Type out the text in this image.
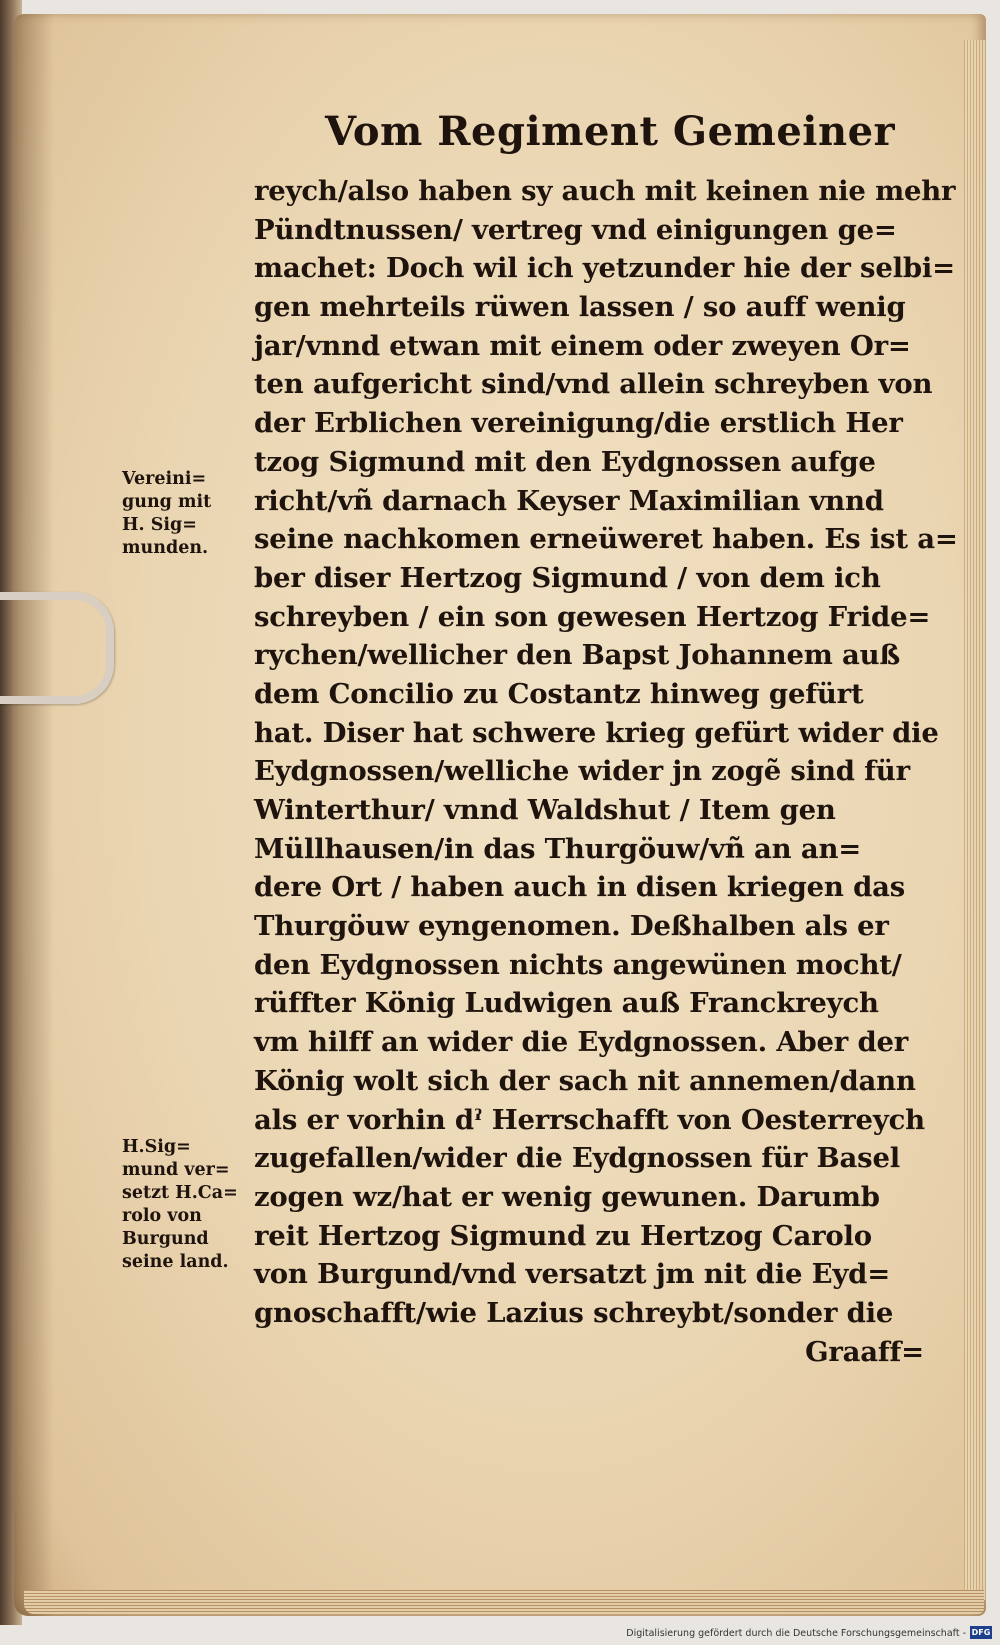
Vom Regiment Gemeiner
reych/also haben sy auch mit keinen nie mehr
Pündtnussen/ vertreg vnd einigungen ge=
machet: Doch wil ich yetzunder hie der selbi=
gen mehrteils rüwen lassen / so auff wenig
jar/vnnd etwan mit einem oder zweyen Or=
ten aufgericht sind/vnd allein schreyben von
der Erblichen vereinigung/die erstlich Her
tzog Sigmund mit den Eydgnossen aufge
richt/vñ darnach Keyser Maximilian vnnd
seine nachkomen erneüweret haben. Es ist a=
ber diser Hertzog Sigmund / von dem ich
schreyben / ein son gewesen Hertzog Fride=
rychen/wellicher den Bapst Johannem auß
dem Concilio zu Costantz hinweg gefürt
hat. Diser hat schwere krieg gefürt wider die
Eydgnossen/welliche wider jn zogẽ sind für
Winterthur/ vnnd Waldshut / Item gen
Müllhausen/in das Thurgöuw/vñ an an=
dere Ort / haben auch in disen kriegen das
Thurgöuw eyngenomen. Deßhalben als er
den Eydgnossen nichts angewünen mocht/
rüffter König Ludwigen auß Franckreych
vm hilff an wider die Eydgnossen. Aber der
König wolt sich der sach nit annemen/dann
als er vorhin dˀ Herrschafft von Oesterreych
zugefallen/wider die Eydgnossen für Basel
zogen wz/hat er wenig gewunen. Darumb
reit Hertzog Sigmund zu Hertzog Carolo
von Burgund/vnd versatzt jm nit die Eyd=
gnoschafft/wie Lazius schreybt/sonder die
Graaff=
Vereini=
gung mit
H. Sig=
munden.
H.Sig=
mund ver=
setzt H.Ca=
rolo von
Burgund
seine land.
Digitalisierung gefördert durch die Deutsche Forschungsgemeinschaft - DFG
